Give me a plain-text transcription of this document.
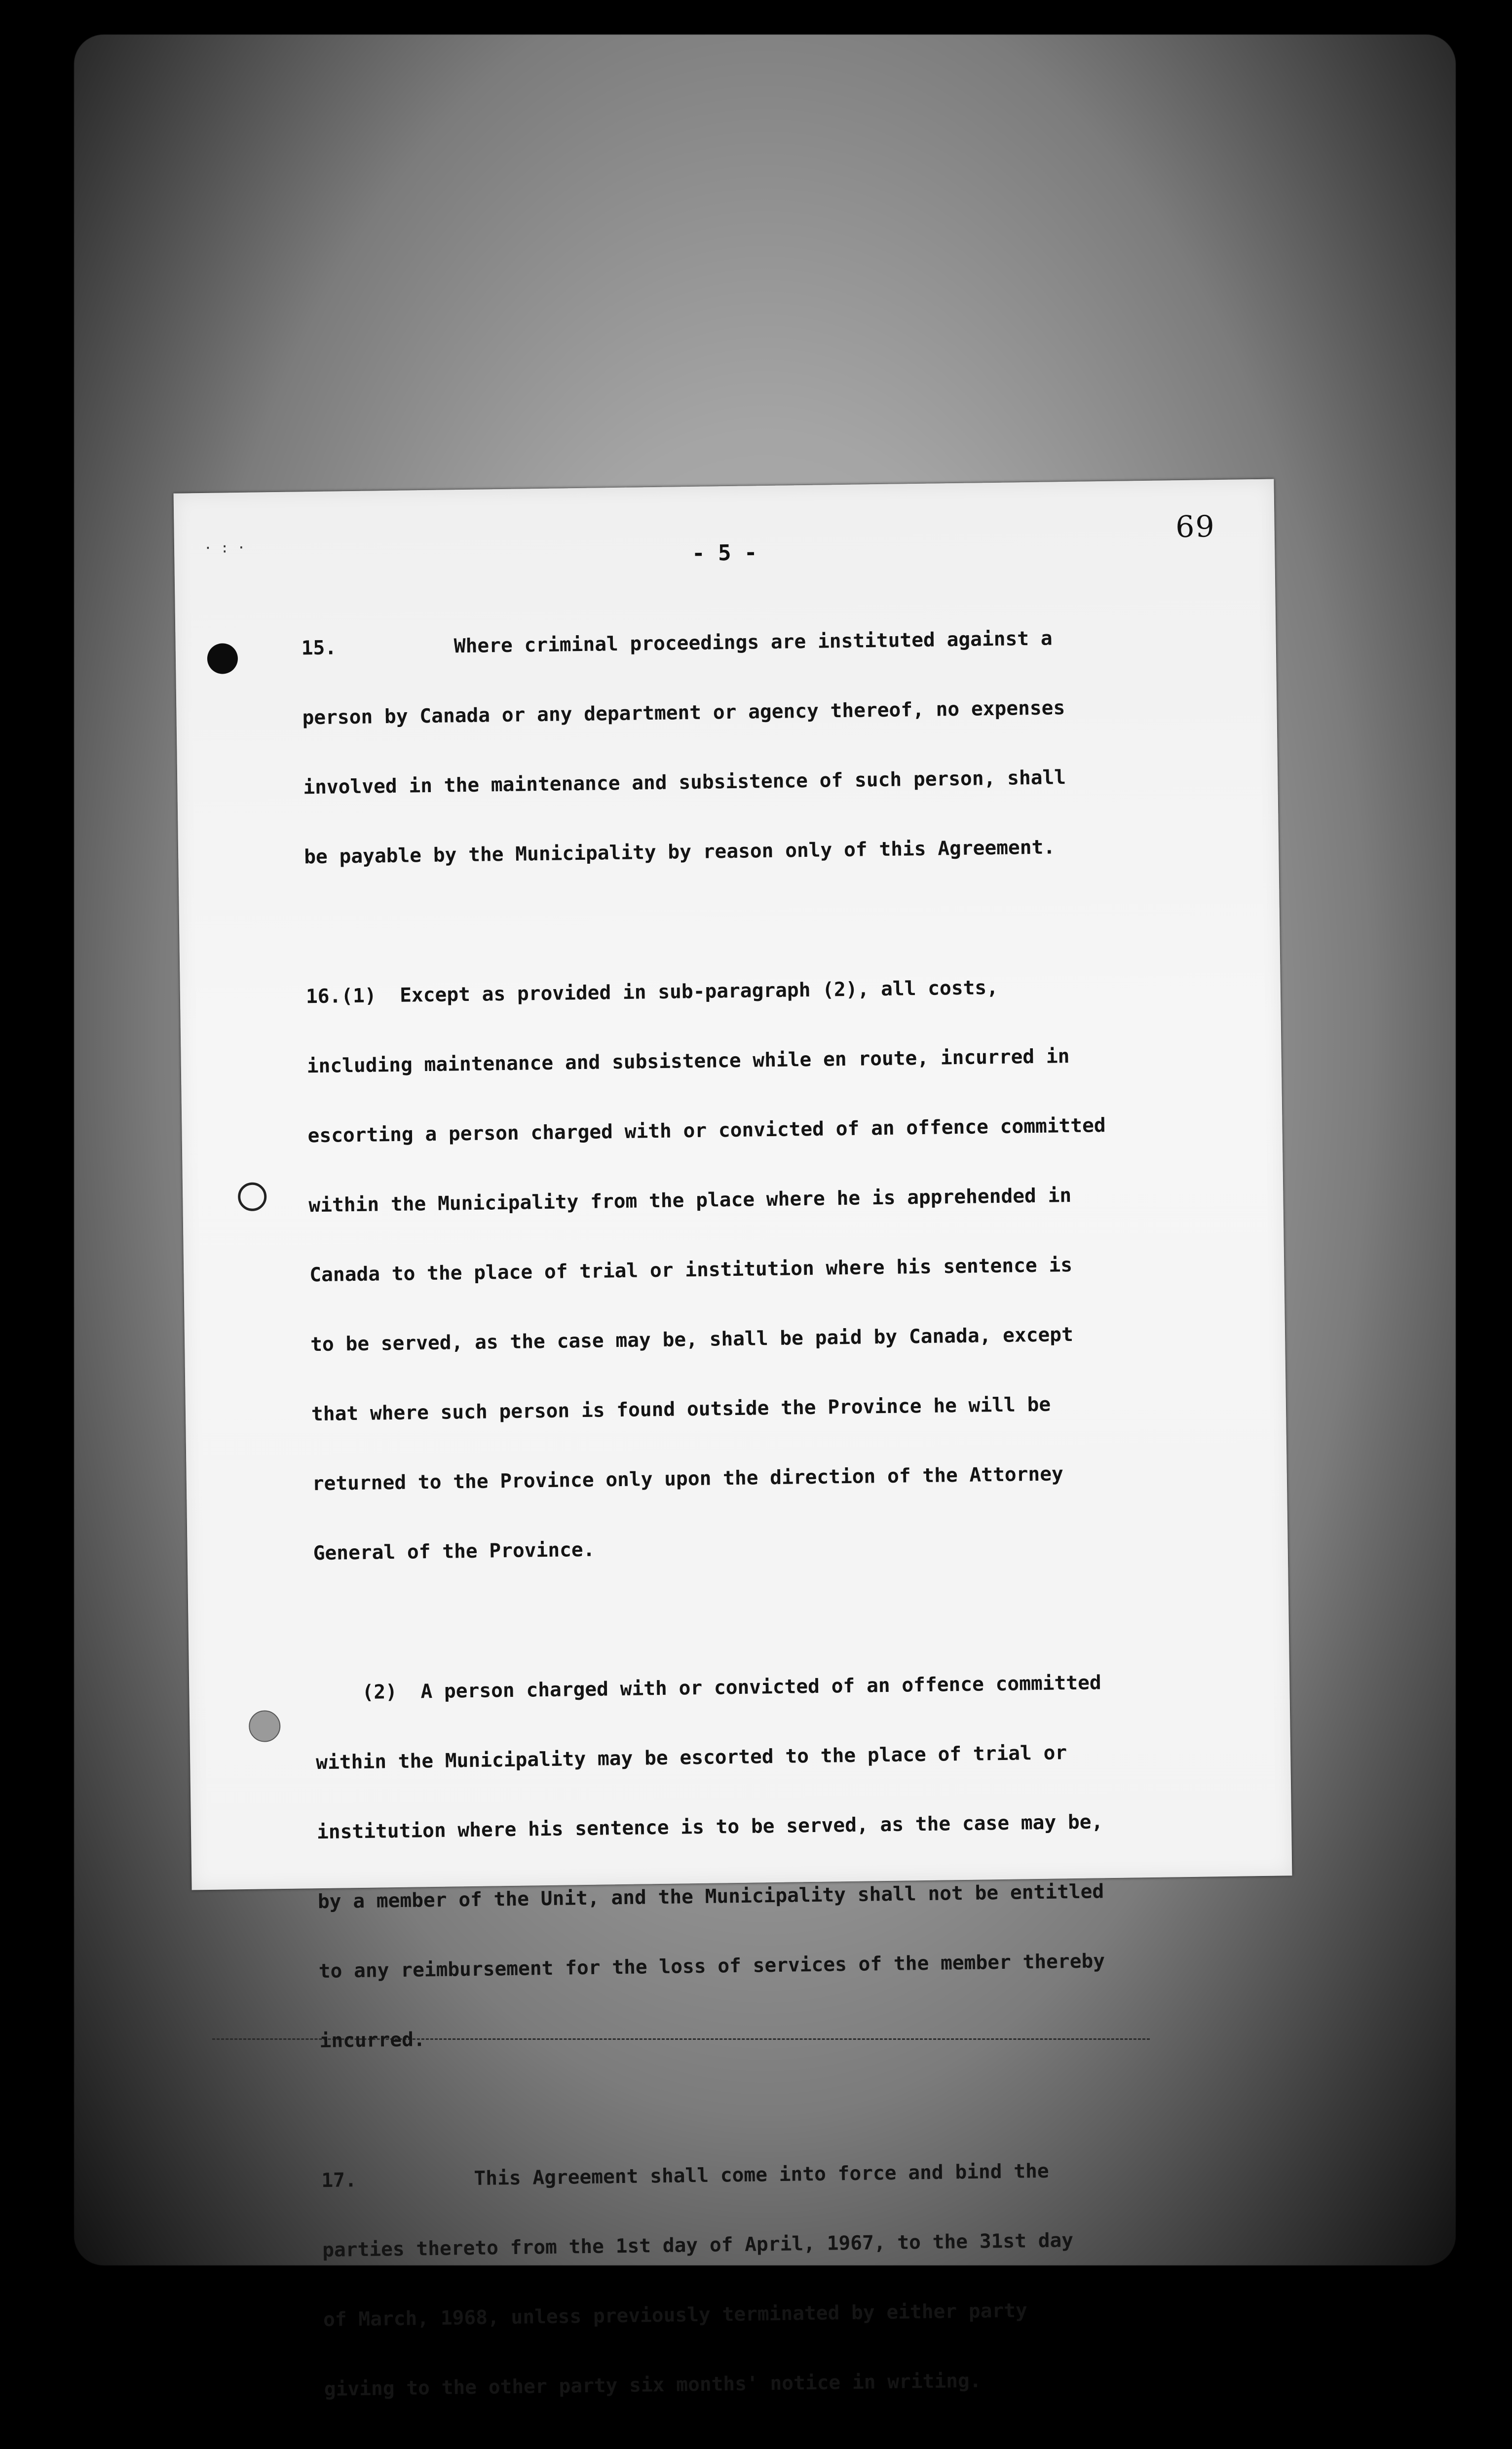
· : ·
69
- 5 -

15.          Where criminal proceedings are instituted against a

person by Canada or any department or agency thereof, no expenses

involved in the maintenance and subsistence of such person, shall

be payable by the Municipality by reason only of this Agreement.

16.(1)  Except as provided in sub-paragraph (2), all costs,

including maintenance and subsistence while en route, incurred in

escorting a person charged with or convicted of an offence committed

within the Municipality from the place where he is apprehended in

Canada to the place of trial or institution where his sentence is

to be served, as the case may be, shall be paid by Canada, except

that where such person is found outside the Province he will be

returned to the Province only upon the direction of the Attorney

General of the Province.

(2)  A person charged with or convicted of an offence committed

within the Municipality may be escorted to the place of trial or

institution where his sentence is to be served, as the case may be,

by a member of the Unit, and the Municipality shall not be entitled

to any reimbursement for the loss of services of the member thereby

incurred.

17.          This Agreement shall come into force and bind the

parties thereto from the 1st day of April, 1967, to the 31st day

of March, 1968, unless previously terminated by either party

giving to the other party six months' notice in writing.
